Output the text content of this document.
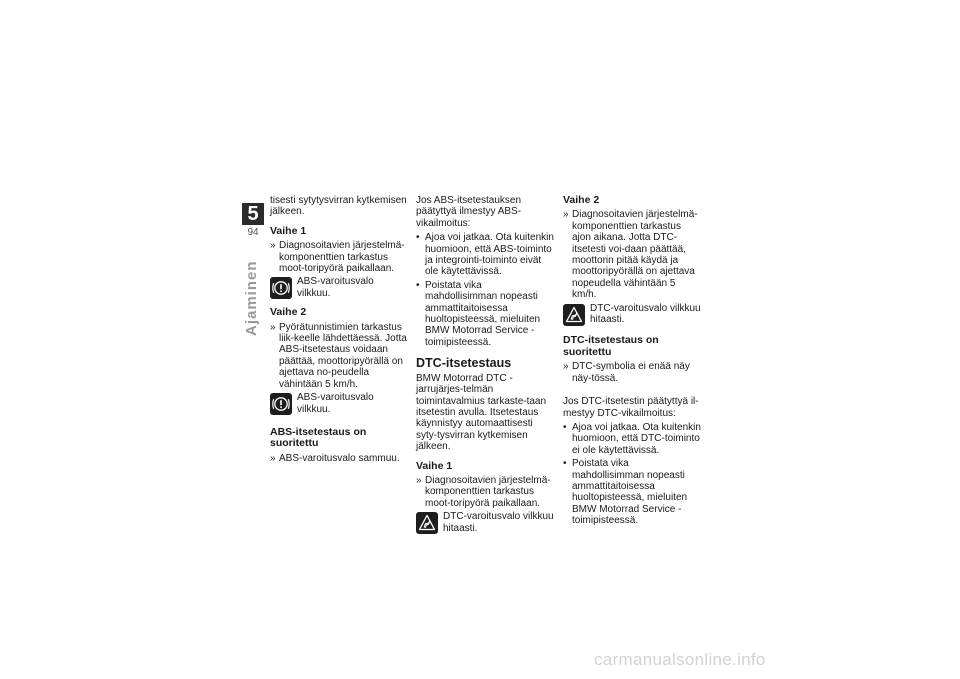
5
94
Ajaminen

tisesti sytytysvirran kytkemisen jälkeen.

Vaihe 1
» Diagnosoitavien järjestelmä-komponenttien tarkastus moot-toripyörä paikallaan.
ABS-varoitusvalo vilkkuu.
Vaihe 2
» Pyörätunnistimien tarkastus liik-keelle lähdettäessä. Jotta ABS-itsetestaus voidaan päättää, moottoripyörällä on ajettava no-peudella vähintään 5 km/h.
ABS-varoitusvalo vilkkuu.
ABS-itsetestaus on suoritettu
» ABS-varoitusvalo sammuu.

Jos ABS-itsetestauksen päätyttyä ilmestyy ABS-vikailmoitus:

• Ajoa voi jatkaa. Ota kuitenkin huomioon, että ABS-toiminto ja integrointi-toiminto eivät ole käytettävissä.
• Poistata vika mahdollisimman nopeasti ammattitaitoisessa huoltopisteessä, mieluiten BMW Motorrad Service -toimipisteessä.
DTC-itsetestaus

BMW Motorrad DTC -jarrujärjes-telmän toimintavalmius tarkaste-taan itsetestin avulla. Itsetestaus käynnistyy automaattisesti syty-tysvirran kytkemisen jälkeen.

Vaihe 1
» Diagnosoitavien järjestelmä-komponenttien tarkastus moot-toripyörä paikallaan.
DTC-varoitusvalo vilkkuu hitaasti.
Vaihe 2
» Diagnosoitavien järjestelmä-komponenttien tarkastus ajon aikana. Jotta DTC-itsetesti voi-daan päättää, moottorin pitää käydä ja moottoripyörällä on ajettava nopeudella vähintään 5 km/h.
DTC-varoitusvalo vilkkuu hitaasti.
DTC-itsetestaus on suoritettu
» DTC-symbolia ei enää näy näy-tössä.

Jos DTC-itsetestin päätyttyä il-mestyy DTC-vikailmoitus:

• Ajoa voi jatkaa. Ota kuitenkin huomioon, että DTC-toiminto ei ole käytettävissä.
• Poistata vika mahdollisimman nopeasti ammattitaitoisessa huoltopisteessä, mieluiten BMW Motorrad Service -toimipisteessä.
carmanualsonline.info
